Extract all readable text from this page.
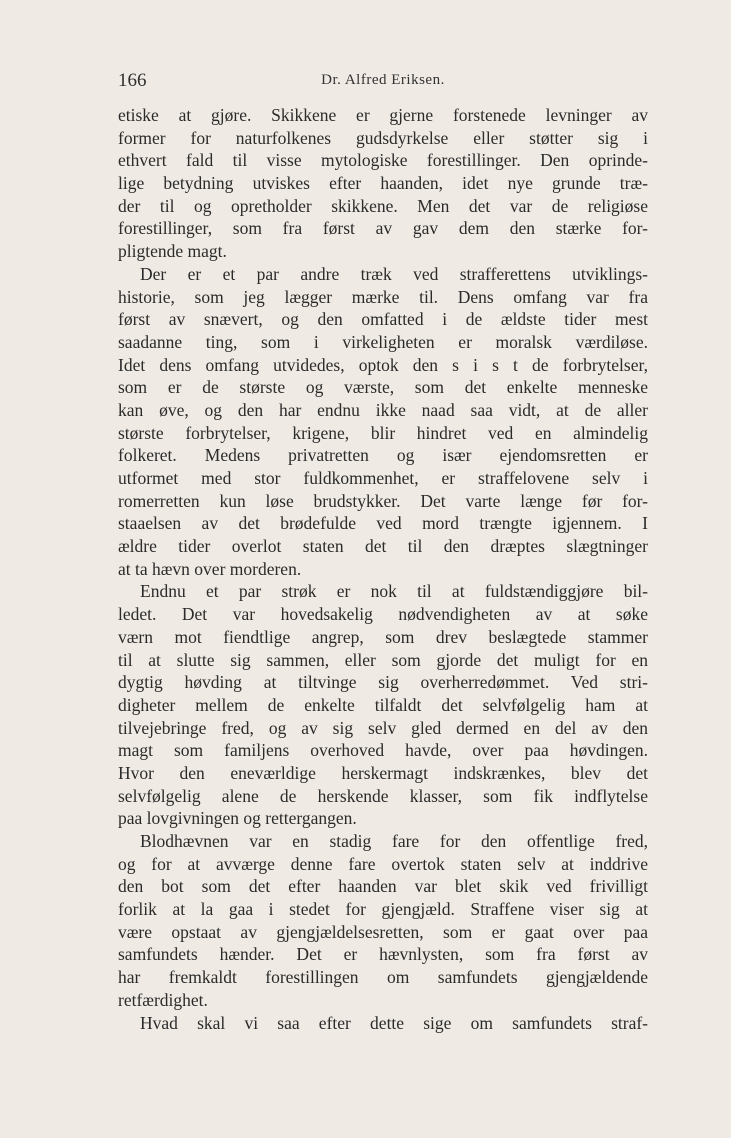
166	Dr. Alfred Eriksen.
etiske at gjøre. Skikkene er gjerne forstenede levninger av
former for naturfolkenes gudsdyrkelse eller støtter sig i
ethvert fald til visse mytologiske forestillinger. Den oprinde-
lige betydning utviskes efter haanden, idet nye grunde træ-
der til og opretholder skikkene. Men det var de religiøse
forestillinger, som fra først av gav dem den stærke for-
pligtende magt.
Der er et par andre træk ved strafferettens utviklings-
historie, som jeg lægger mærke til. Dens omfang var fra
først av snævert, og den omfatted i de ældste tider mest
saadanne ting, som i virkeligheten er moralsk værdiløse.
Idet dens omfang utvidedes, optok den s i s t de forbrytelser,
som er de største og værste, som det enkelte menneske
kan øve, og den har endnu ikke naad saa vidt, at de aller
største forbrytelser, krigene, blir hindret ved en almindelig
folkeret. Medens privatretten og især ejendomsretten er
utformet med stor fuldkommenhet, er straffelovene selv i
romerretten kun løse brudstykker. Det varte længe før for-
staaelsen av det brødefulde ved mord trængte igjennem. I
ældre tider overlot staten det til den dræptes slægtninger
at ta hævn over morderen.
Endnu et par strøk er nok til at fuldstændiggjøre bil-
ledet. Det var hovedsakelig nødvendigheten av at søke
værn mot fiendtlige angrep, som drev beslægtede stammer
til at slutte sig sammen, eller som gjorde det muligt for en
dygtig høvding at tiltvinge sig overherredømmet. Ved stri-
digheter mellem de enkelte tilfaldt det selvfølgelig ham at
tilvejebringe fred, og av sig selv gled dermed en del av den
magt som familjens overhoved havde, over paa høvdingen.
Hvor den eneværldige herskermagt indskrænkes, blev det
selvfølgelig alene de herskende klasser, som fik indflytelse
paa lovgivningen og rettergangen.
Blodhævnen var en stadig fare for den offentlige fred,
og for at avværge denne fare overtok staten selv at inddrive
den bot som det efter haanden var blet skik ved frivilligt
forlik at la gaa i stedet for gjengjæld. Straffene viser sig at
være opstaat av gjengjældelsesretten, som er gaat over paa
samfundets hænder. Det er hævnlysten, som fra først av
har fremkaldt forestillingen om samfundets gjengjældende
retfærdighet.
Hvad skal vi saa efter dette sige om samfundets straf-
